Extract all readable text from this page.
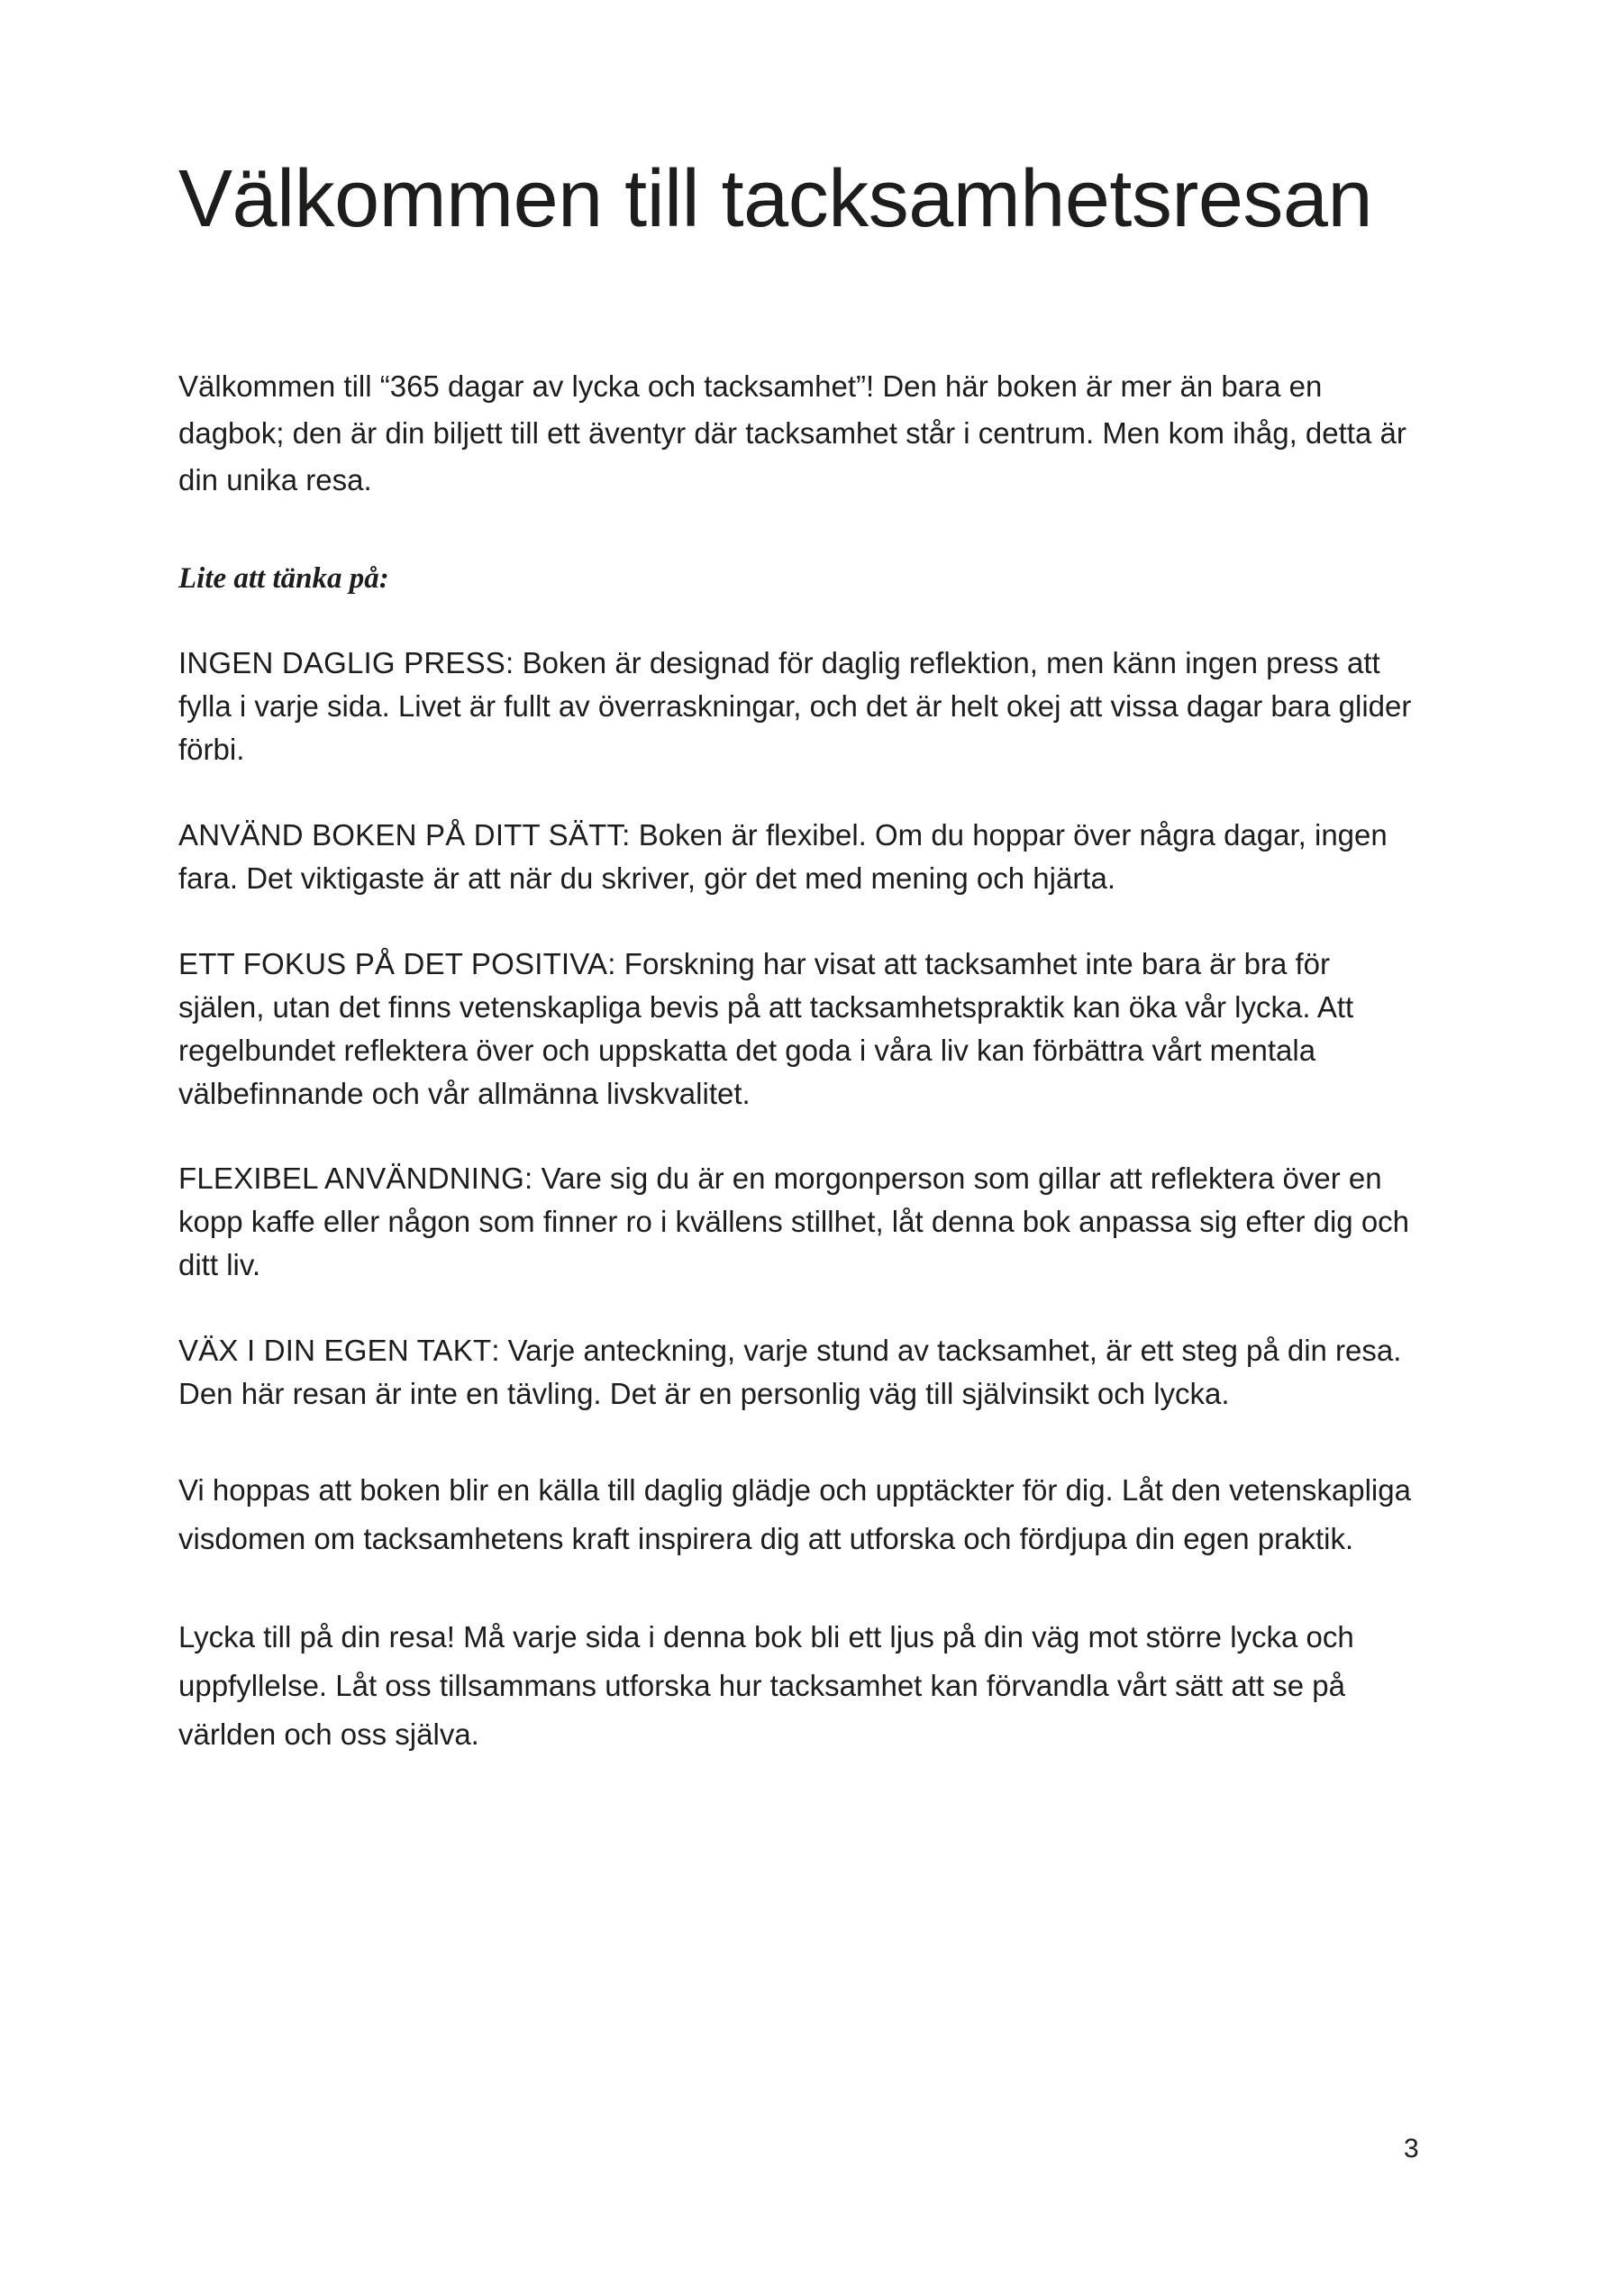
Välkommen till tacksamhetsresan

Välkommen till “365 dagar av lycka och tacksamhet”! Den här boken är mer än bara en dagbok; den är din biljett till ett äventyr där tacksamhet står i centrum. Men kom ihåg, detta är din unika resa.

Lite att tänka på:

INGEN DAGLIG PRESS: Boken är designad för daglig reflektion, men känn ingen press att fylla i varje sida. Livet är fullt av överraskningar, och det är helt okej att vissa dagar bara glider förbi.

ANVÄND BOKEN PÅ DITT SÄTT: Boken är flexibel. Om du hoppar över några dagar, ingen fara. Det viktigaste är att när du skriver, gör det med mening och hjärta.

ETT FOKUS PÅ DET POSITIVA: Forskning har visat att tacksamhet inte bara är bra för själen, utan det finns vetenskapliga bevis på att tacksamhetspraktik kan öka vår lycka. Att regelbundet reflektera över och uppskatta det goda i våra liv kan förbättra vårt mentala välbefinnande och vår allmänna livskvalitet.

FLEXIBEL ANVÄNDNING: Vare sig du är en morgonperson som gillar att reflektera över en kopp kaffe eller någon som finner ro i kvällens stillhet, låt denna bok anpassa sig efter dig och ditt liv.

VÄX I DIN EGEN TAKT: Varje anteckning, varje stund av tacksamhet, är ett steg på din resa. Den här resan är inte en tävling. Det är en personlig väg till självinsikt och lycka.

Vi hoppas att boken blir en källa till daglig glädje och upptäckter för dig. Låt den vetenskapliga visdomen om tacksamhetens kraft inspirera dig att utforska och fördjupa din egen praktik.

Lycka till på din resa! Må varje sida i denna bok bli ett ljus på din väg mot större lycka och uppfyllelse. Låt oss tillsammans utforska hur tacksamhet kan förvandla vårt sätt att se på världen och oss själva.

3
